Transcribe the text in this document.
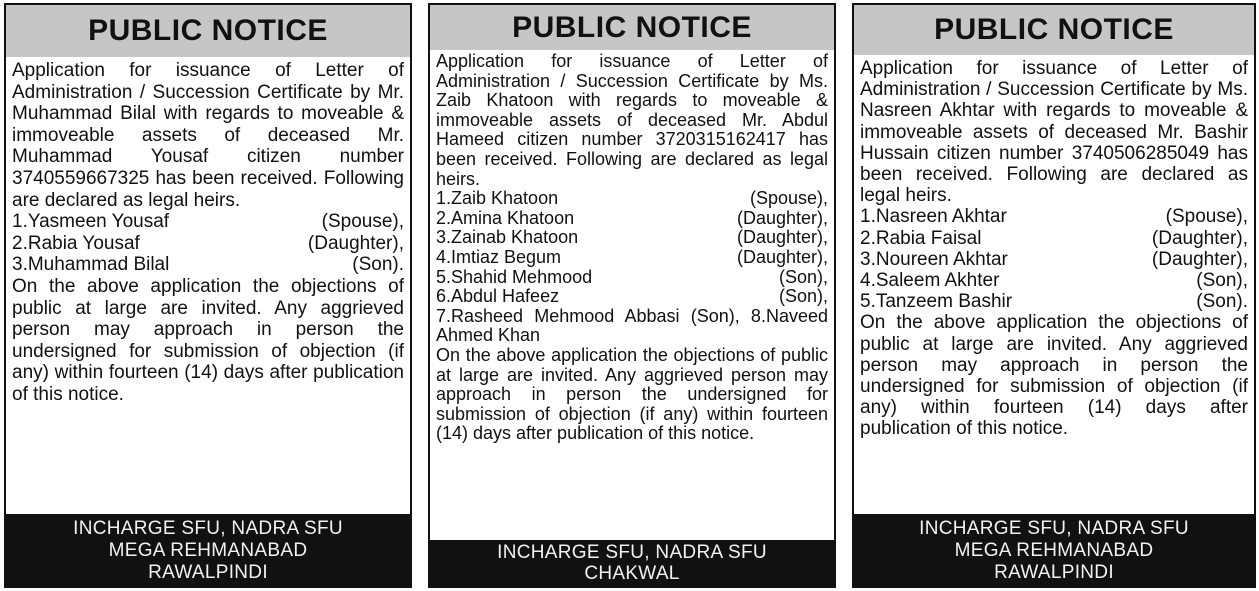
PUBLIC NOTICE

Application for issuance of Letter of Administration / Succession Certificate by Mr. Muhammad Bilal with regards to moveable & immoveable assets of deceased Mr. Muhammad Yousaf citizen number 3740559667325 has been received. Following are declared as legal heirs.

1.Yasmeen Yousaf	(Spouse),
2.Rabia Yousaf	(Daughter),
3.Muhammad Bilal	(Son).

On the above application the objections of public at large are invited. Any aggrieved person may approach in person the undersigned for submission of objection (if any) within fourteen (14) days after publication of this notice.

INCHARGE SFU, NADRA SFU
MEGA REHMANABAD
RAWALPINDI
PUBLIC NOTICE

Application for issuance of Letter of Administration / Succession Certificate by Ms. Zaib Khatoon with regards to moveable & immoveable assets of deceased Mr. Abdul Hameed citizen number 3720315162417 has been received. Following are declared as legal heirs.

1.Zaib Khatoon	(Spouse),
2.Amina Khatoon	(Daughter),
3.Zainab Khatoon	(Daughter),
4.Imtiaz Begum	(Daughter),
5.Shahid Mehmood	(Son),
6.Abdul Hafeez	(Son),
7.Rasheed Mehmood Abbasi (Son), 8.Naveed Ahmed Khan

On the above application the objections of public at large are invited. Any aggrieved person may approach in person the undersigned for submission of objection (if any) within fourteen (14) days after publication of this notice.

INCHARGE SFU, NADRA SFU
CHAKWAL
PUBLIC NOTICE

Application for issuance of Letter of Administration / Succession Certificate by Ms. Nasreen Akhtar with regards to moveable & immoveable assets of deceased Mr. Bashir Hussain citizen number 3740506285049 has been received. Following are declared as legal heirs.

1.Nasreen Akhtar	(Spouse),
2.Rabia Faisal	(Daughter),
3.Noureen Akhtar	(Daughter),
4.Saleem Akhter	(Son),
5.Tanzeem Bashir	(Son).

On the above application the objections of public at large are invited. Any aggrieved person may approach in person the undersigned for submission of objection (if any) within fourteen (14) days after publication of this notice.

INCHARGE SFU, NADRA SFU
MEGA REHMANABAD
RAWALPINDI
